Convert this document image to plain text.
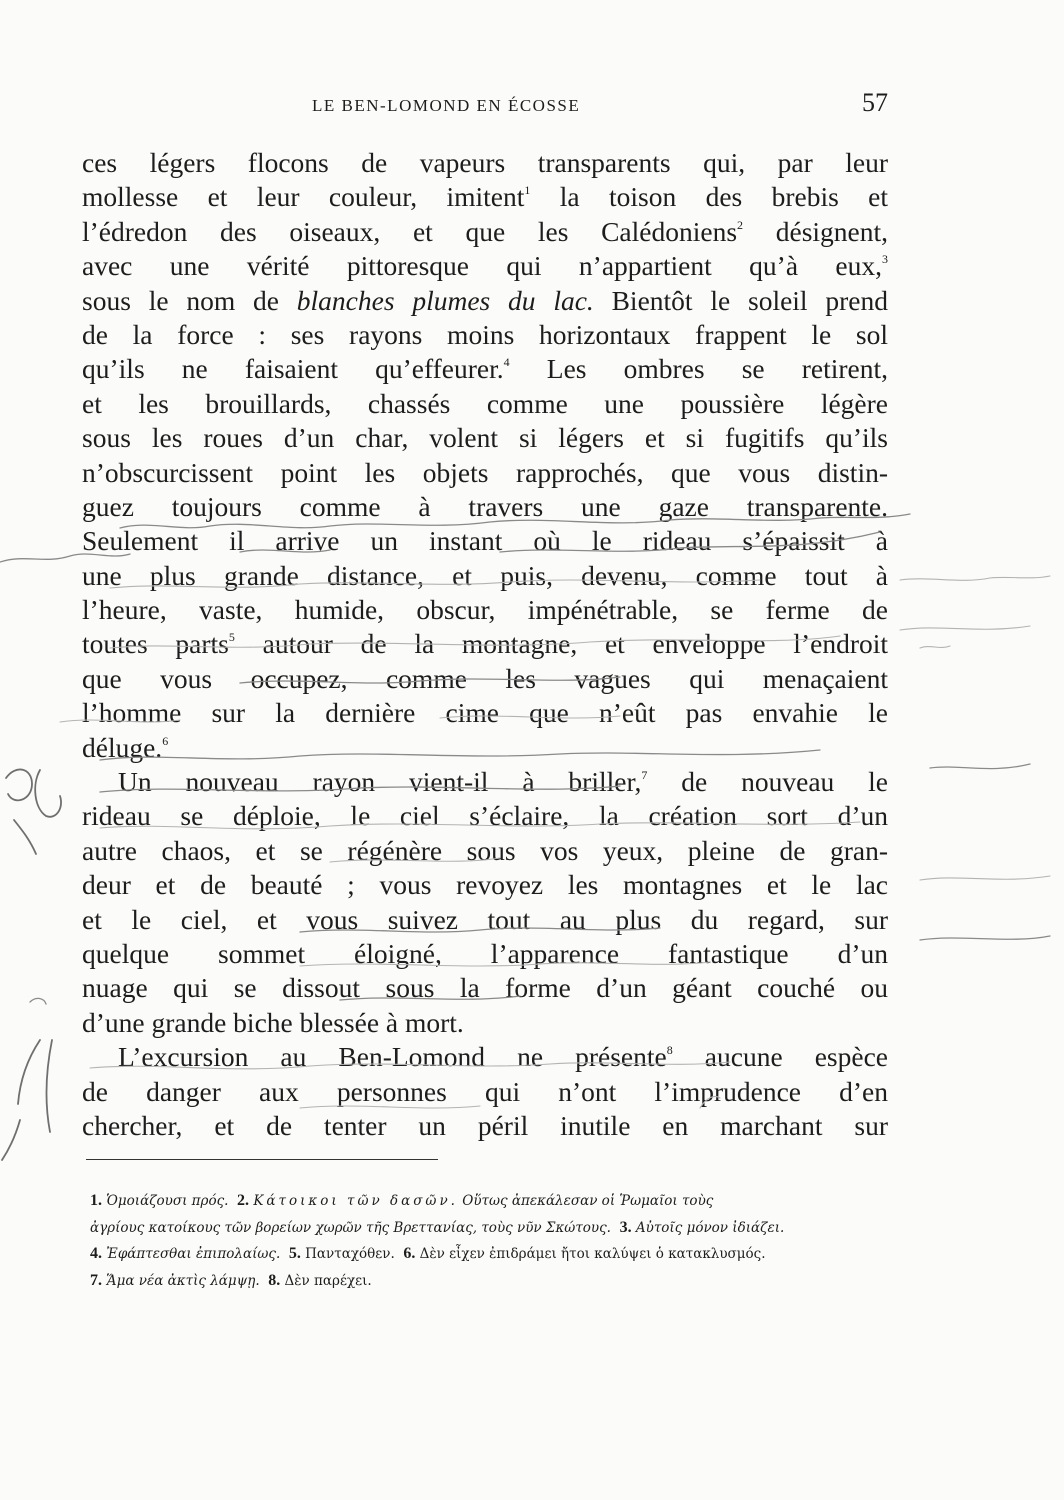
LE BEN-LOMOND EN ÉCOSSE	57
ces légers flocons de vapeurs transparents qui, par leur
mollesse et leur couleur, imitent$^1$ la toison des brebis et
l’édredon des oiseaux, et que les Calédoniens$^2$ désignent,
avec une vérité pittoresque qui n’appartient qu’à eux,$^3$
sous le nom de blanches plumes du lac. Bientôt le soleil prend
de la force : ses rayons moins horizontaux frappent le sol
qu’ils ne faisaient qu’effeurer.$^4$ Les ombres se retirent,
et les brouillards, chassés comme une poussière légère
sous les roues d’un char, volent si légers et si fugitifs qu’ils
n’obscurcissent point les objets rapprochés, que vous distin-
guez toujours comme à travers une gaze transparente.
Seulement il arrive un instant où le rideau s’épaissit à
une plus grande distance, et puis, devenu, comme tout à
l’heure, vaste, humide, obscur, impénétrable, se ferme de
toutes parts$^5$ autour de la montagne, et enveloppe l’endroit
que vous occupez, comme les vagues qui menaçaient
l’homme sur la dernière cime que n’eût pas envahie le
déluge.$^6$
Un nouveau rayon vient-il à briller,$^7$ de nouveau le
rideau se déploie, le ciel s’éclaire, la création sort d’un
autre chaos, et se régénère sous vos yeux, pleine de gran-
deur et de beauté ; vous revoyez les montagnes et le lac
et le ciel, et vous suivez tout au plus du regard, sur
quelque sommet éloigné, l’apparence fantastique d’un
nuage qui se dissout sous la forme d’un géant couché ou
d’une grande biche blessée à mort.
L’excursion au Ben-Lomond ne présente$^8$ aucune espèce
de danger aux personnes qui n’ont l’imprudence d’en
chercher, et de tenter un péril inutile en marchant sur
1. Ὁμοιάζουσι πρός. 2. Κάτοικοι τῶν δασῶν. Οὕτως ἀπεκάλεσαν οἱ Ῥωμαῖοι τοὺς
ἀγρίους κατοίκους τῶν βορείων χωρῶν τῆς Βρεττανίας, τοὺς νῦν Σκώτους. 3. Αὐτοῖς μόνον ἰδιάζει.
4. Ἐφάπτεσθαι ἐπιπολαίως. 5. Πανταχόθεν. 6. Δὲν εἶχεν ἐπιδράμει ἤτοι καλύψει ὁ κατακλυσμός.
7. Ἅμα νέα ἀκτὶς λάμψῃ. 8. Δὲν παρέχει.
